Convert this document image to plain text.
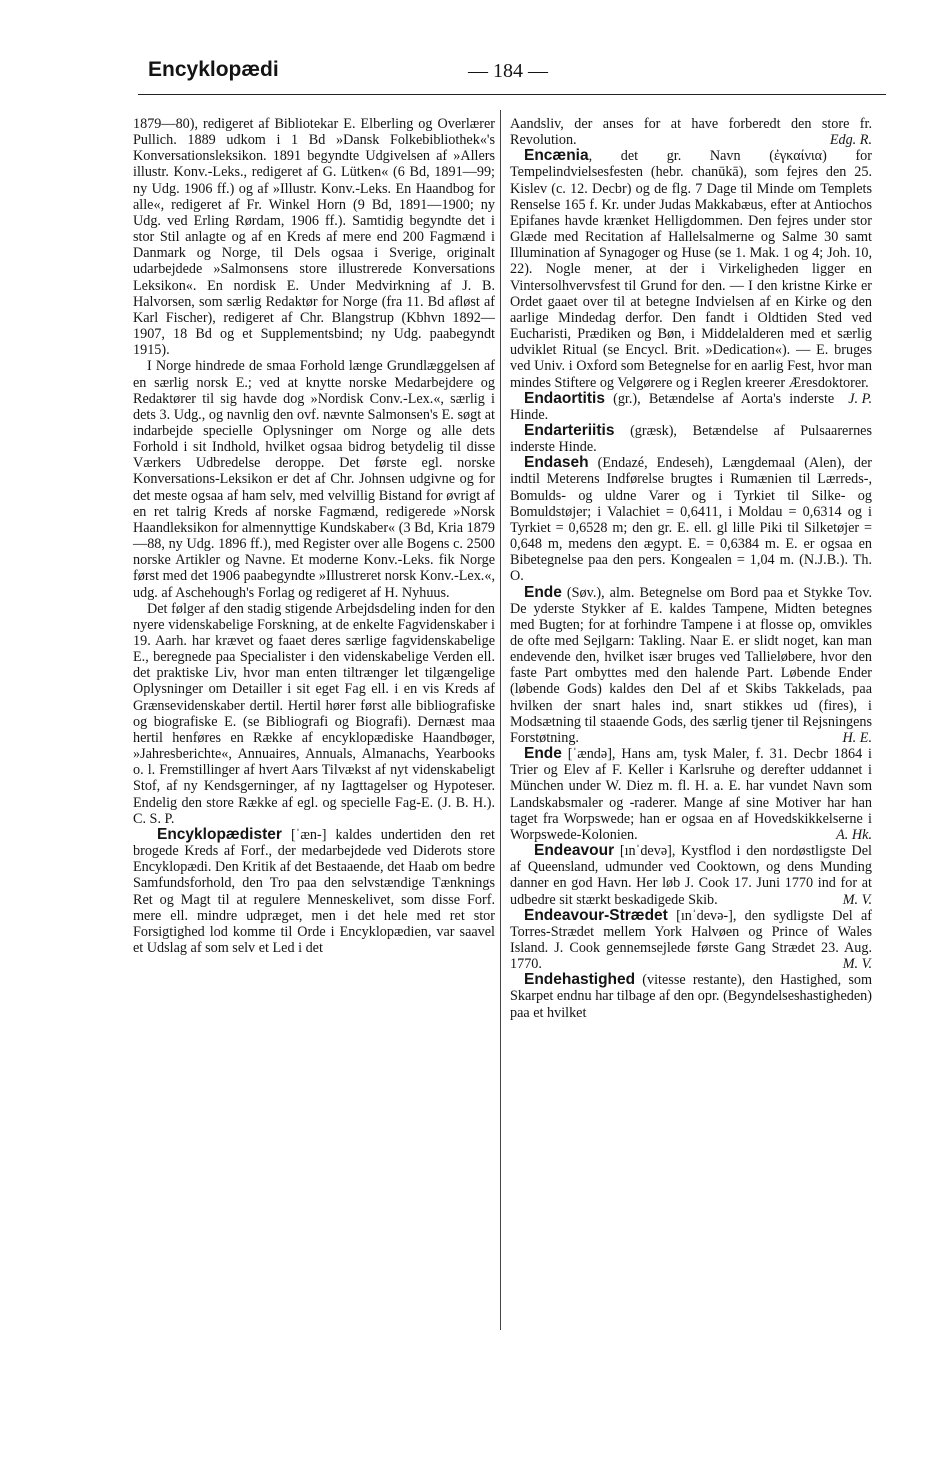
Encyklopædi	— 184 —

1879—80), redigeret af Bibliotekar E. Elberling og Overlærer Pullich. 1889 udkom i 1 Bd »Dansk Folkebibliothek«'s Konversationsleksikon. 1891 begyndte Udgivelsen af »Allers illustr. Konv.-Leks., redigeret af G. Lütken« (6 Bd, 1891—99; ny Udg. 1906 ff.) og af »Illustr. Konv.-Leks. En Haandbog for alle«, redigeret af Fr. Winkel Horn (9 Bd, 1891—1900; ny Udg. ved Erling Rørdam, 1906 ff.). Samtidig begyndte det i stor Stil anlagte og af en Kreds af mere end 200 Fagmænd i Danmark og Norge, til Dels ogsaa i Sverige, originalt udarbejdede »Salmonsens store illustrerede Konversations Leksikon«. En nordisk E. Under Medvirkning af J. B. Halvorsen, som særlig Redaktør for Norge (fra 11. Bd afløst af Karl Fischer), redigeret af Chr. Blangstrup (Kbhvn 1892—1907, 18 Bd og et Supplementsbind; ny Udg. paabegyndt 1915).

I Norge hindrede de smaa Forhold længe Grundlæggelsen af en særlig norsk E.; ved at knytte norske Medarbejdere og Redaktører til sig havde dog »Nordisk Conv.-Lex.«, særlig i dets 3. Udg., og navnlig den ovf. nævnte Salmonsen's E. søgt at indarbejde specielle Oplysninger om Norge og alle dets Forhold i sit Indhold, hvilket ogsaa bidrog betydelig til disse Værkers Udbredelse deroppe. Det første egl. norske Konversations-Leksikon er det af Chr. Johnsen udgivne og for det meste ogsaa af ham selv, med velvillig Bistand for øvrigt af en ret talrig Kreds af norske Fagmænd, redigerede »Norsk Haandleksikon for almennyttige Kundskaber« (3 Bd, Kria 1879—88, ny Udg. 1896 ff.), med Register over alle Bogens c. 2500 norske Artikler og Navne. Et moderne Konv.-Leks. fik Norge først med det 1906 paabegyndte »Illustreret norsk Konv.-Lex.«, udg. af Aschehough's Forlag og redigeret af H. Nyhuus.

Det følger af den stadig stigende Arbejdsdeling inden for den nyere videnskabelige Forskning, at de enkelte Fagvidenskaber i 19. Aarh. har krævet og faaet deres særlige fagvidenskabelige E., beregnede paa Specialister i den videnskabelige Verden ell. det praktiske Liv, hvor man enten tiltrænger let tilgængelige Oplysninger om Detailler i sit eget Fag ell. i en vis Kreds af Grænsevidenskaber dertil. Hertil hører først alle bibliografiske og biografiske E. (se Bibliografi og Biografi). Dernæst maa hertil henføres en Række af encyklopædiske Haandbøger, »Jahresberichte«, Annuaires, Annuals, Almanachs, Yearbooks o. l. Fremstillinger af hvert Aars Tilvækst af nyt videnskabeligt Stof, af ny Kendsgerninger, af ny Iagttagelser og Hypoteser. Endelig den store Række af egl. og specielle Fag-E. (J. B. H.). C. S. P.

Encyklopædister [ˈæn-] kaldes undertiden den ret brogede Kreds af Forf., der medarbejdede ved Diderots store Encyklopædi. Den Kritik af det Bestaaende, det Haab om bedre Samfundsforhold, den Tro paa den selvstændige Tænknings Ret og Magt til at regulere Menneskelivet, som disse Forf. mere ell. mindre udpræget, men i det hele med ret stor Forsigtighed lod komme til Orde i Encyklopædien, var saavel et Udslag af som selv et Led i det

Aandsliv, der anses for at have forberedt den store fr. Revolution.	Edg. R.

Encænia, det gr. Navn (ἐγκαίνια) for Tempelindvielsesfesten (hebr. chanūkā), som fejres den 25. Kislev (c. 12. Decbr) og de flg. 7 Dage til Minde om Templets Renselse 165 f. Kr. under Judas Makkabæus, efter at Antiochos Epifanes havde krænket Helligdommen. Den fejres under stor Glæde med Recitation af Hallelsalmerne og Salme 30 samt Illumination af Synagoger og Huse (se 1. Mak. 1 og 4; Joh. 10, 22). Nogle mener, at der i Virkeligheden ligger en Vintersolhvervsfest til Grund for den. — I den kristne Kirke er Ordet gaaet over til at betegne Indvielsen af en Kirke og den aarlige Mindedag derfor. Den fandt i Oldtiden Sted ved Eucharisti, Prædiken og Bøn, i Middelalderen med et særlig udviklet Ritual (se Encycl. Brit. »Dedication«). — E. bruges ved Univ. i Oxford som Betegnelse for en aarlig Fest, hvor man mindes Stiftere og Velgørere og i Reglen kreerer Æresdoktorer.
J. P.

Endaortitis (gr.), Betændelse af Aorta's inderste Hinde.

Endarteriitis (græsk), Betændelse af Pulsaarernes inderste Hinde.

Endaseh (Endazé, Endeseh), Længdemaal (Alen), der indtil Meterens Indførelse brugtes i Rumænien til Lærreds-, Bomulds- og uldne Varer og i Tyrkiet til Silke- og Bomuldstøjer; i Valachiet = 0,6411, i Moldau = 0,6314 og i Tyrkiet = 0,6528 m; den gr. E. ell. gl lille Piki til Silketøjer = 0,648 m, medens den ægypt. E. = 0,6384 m. E. er ogsaa en Bibetegnelse paa den pers. Kongealen = 1,04 m. (N.J.B.). Th. O.

Ende (Søv.), alm. Betegnelse om Bord paa et Stykke Tov. De yderste Stykker af E. kaldes Tampene, Midten betegnes med Bugten; for at forhindre Tampene i at flosse op, omvikles de ofte med Sejlgarn: Takling. Naar E. er slidt noget, kan man endevende den, hvilket især bruges ved Tallieløbere, hvor den faste Part ombyttes med den halende Part. Løbende Ender (løbende Gods) kaldes den Del af et Skibs Takkelads, paa hvilken der snart hales ind, snart stikkes ud (fires), i Modsætning til staaende Gods, des særlig tjener til Rejsningens Forstøtning.	H. E.

Ende [ˈændə], Hans am, tysk Maler, f. 31. Decbr 1864 i Trier og Elev af F. Keller i Karlsruhe og derefter uddannet i München under W. Diez m. fl. H. a. E. har vundet Navn som Landskabsmaler og -raderer. Mange af sine Motiver har han taget fra Worpswede; han er ogsaa en af Hovedskikkelserne i Worpswede-Kolonien.	A. Hk.

Endeavour [ınˈdevə], Kystflod i den nordøstligste Del af Queensland, udmunder ved Cooktown, og dens Munding danner en god Havn. Her løb J. Cook 17. Juni 1770 ind for at udbedre sit stærkt beskadigede Skib.	M. V.

Endeavour-Strædet [ınˈdevə-], den sydligste Del af Torres-Strædet mellem York Halvøen og Prince of Wales Island. J. Cook gennemsejlede første Gang Strædet 23. Aug. 1770.	M. V.

Endehastighed (vitesse restante), den Hastighed, som Skarpet endnu har tilbage af den opr. (Begyndelseshastigheden) paa et hvilket
